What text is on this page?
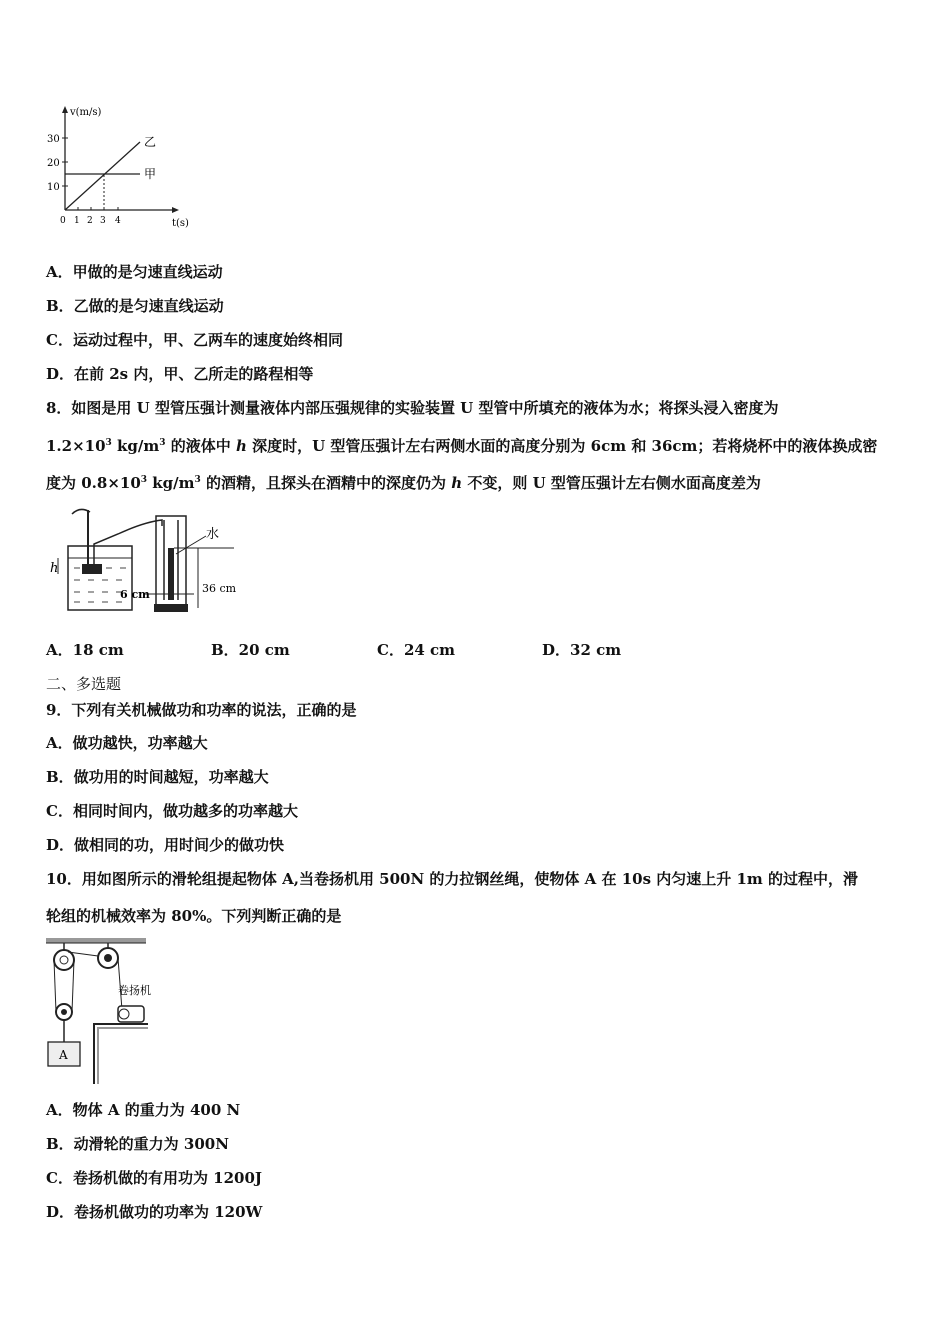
v(m/s)
t(s)
30
20
10
0 1 2 3 4
乙
甲
A．甲做的是匀速直线运动
B．乙做的是匀速直线运动
C．运动过程中，甲、乙两车的速度始终相同
D．在前 2s 内，甲、乙所走的路程相等
8．如图是用 U 型管压强计测量液体内部压强规律的实验装置 U 型管中所填充的液体为水；将探头浸入密度为
$1.2\times 10^3$ $kg/m^3$ 的液体中 h 深度时，U 型管压强计左右两侧水面的高度分别为 6cm 和 36cm；若将烧杯中的液体换成密
度为 $0.8\times 10^3$ $kg/m^3$ 的酒精，且探头在酒精中的深度仍为 h 不变，则 U 型管压强计左右侧水面高度差为
h
水
6 cm	36 cm
A．18 cm	B．20 cm	C．24 cm	D．32 cm
二、多选题
9．下列有关机械做功和功率的说法，正确的是
A．做功越快，功率越大
B．做功用的时间越短，功率越大
C．相同时间内，做功越多的功率越大
D．做相同的功，用时间少的做功快
10．用如图所示的滑轮组提起物体 A,当卷扬机用 500N 的力拉钢丝绳，使物体 A 在 10s 内匀速上升 1m 的过程中，滑
轮组的机械效率为 80%。下列判断正确的是
A
卷扬机
A．物体 A 的重力为 400 N
B．动滑轮的重力为 300N
C．卷扬机做的有用功为 1200J
D．卷扬机做功的功率为 120W
